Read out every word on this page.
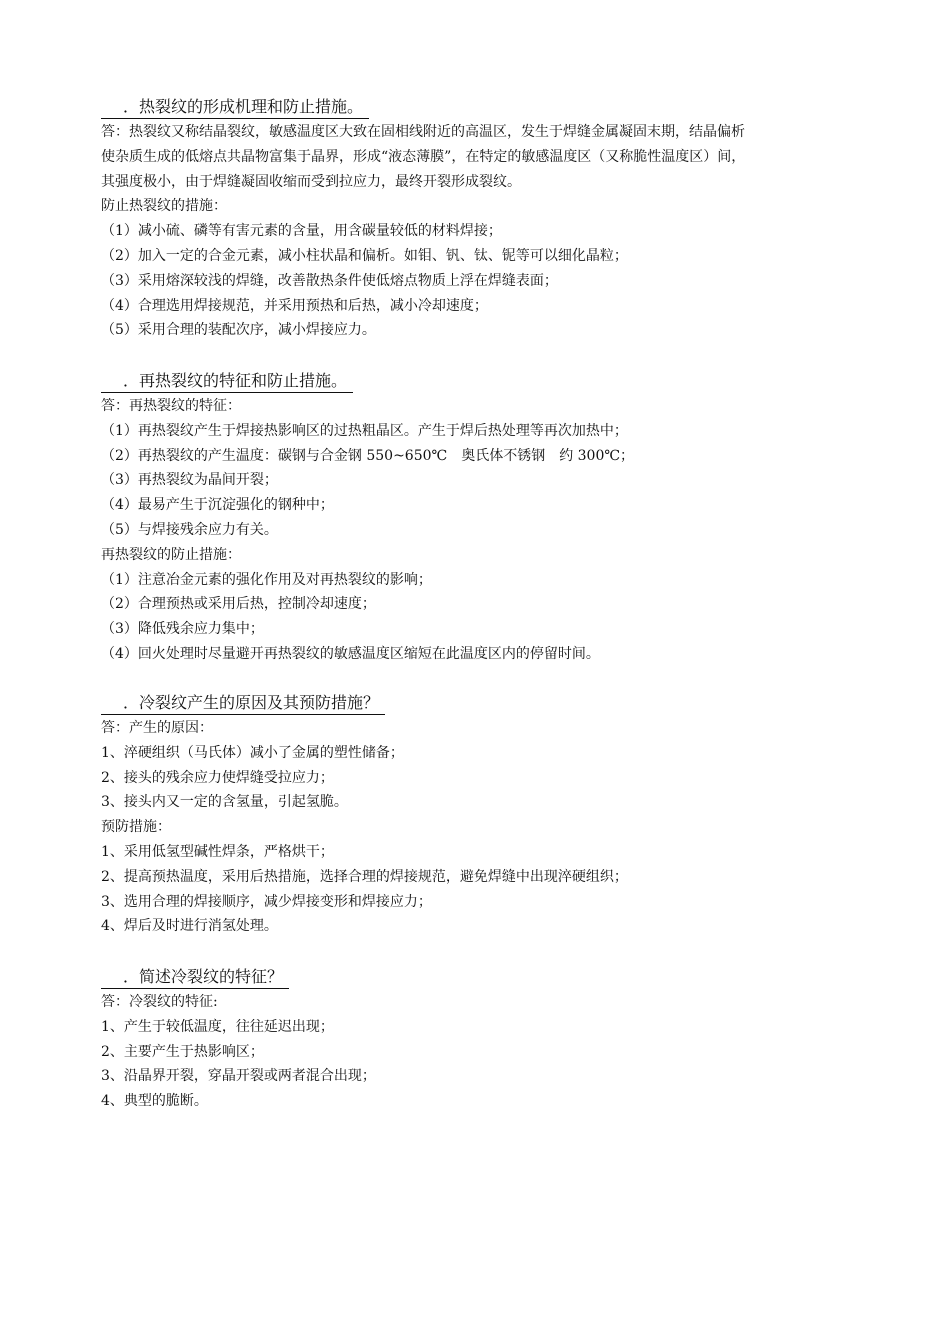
．热裂纹的形成机理和防止措施。
答：热裂纹又称结晶裂纹，敏感温度区大致在固相线附近的高温区，发生于焊缝金属凝固末期，结晶偏析
使杂质生成的低熔点共晶物富集于晶界，形成“液态薄膜”，在特定的敏感温度区（又称脆性温度区）间，
其强度极小，由于焊缝凝固收缩而受到拉应力，最终开裂形成裂纹。
防止热裂纹的措施：
（1）减小硫、磷等有害元素的含量，用含碳量较低的材料焊接；
（2）加入一定的合金元素，减小柱状晶和偏析。如钼、钒、钛、铌等可以细化晶粒；
（3）采用熔深较浅的焊缝，改善散热条件使低熔点物质上浮在焊缝表面；
（4）合理选用焊接规范，并采用预热和后热，减小冷却速度；
（5）采用合理的装配次序，减小焊接应力。
．再热裂纹的特征和防止措施。
答：再热裂纹的特征：
（1）再热裂纹产生于焊接热影响区的过热粗晶区。产生于焊后热处理等再次加热中；
（2）再热裂纹的产生温度：碳钢与合金钢 550~650℃　奥氏体不锈钢　约 300℃；
（3）再热裂纹为晶间开裂；
（4）最易产生于沉淀强化的钢种中；
（5）与焊接残余应力有关。
再热裂纹的防止措施：
（1）注意冶金元素的强化作用及对再热裂纹的影响；
（2）合理预热或采用后热，控制冷却速度；
（3）降低残余应力集中；
（4）回火处理时尽量避开再热裂纹的敏感温度区缩短在此温度区内的停留时间。
．冷裂纹产生的原因及其预防措施？
答：产生的原因：
1、淬硬组织（马氏体）减小了金属的塑性储备；
2、接头的残余应力使焊缝受拉应力；
3、接头内又一定的含氢量，引起氢脆。
预防措施：
1、采用低氢型碱性焊条，严格烘干；
2、提高预热温度，采用后热措施，选择合理的焊接规范，避免焊缝中出现淬硬组织；
3、选用合理的焊接顺序，减少焊接变形和焊接应力；
4、焊后及时进行消氢处理。
．简述冷裂纹的特征？
答：冷裂纹的特征:
1、产生于较低温度，往往延迟出现；
2、主要产生于热影响区；
3、沿晶界开裂，穿晶开裂或两者混合出现；
4、典型的脆断。
